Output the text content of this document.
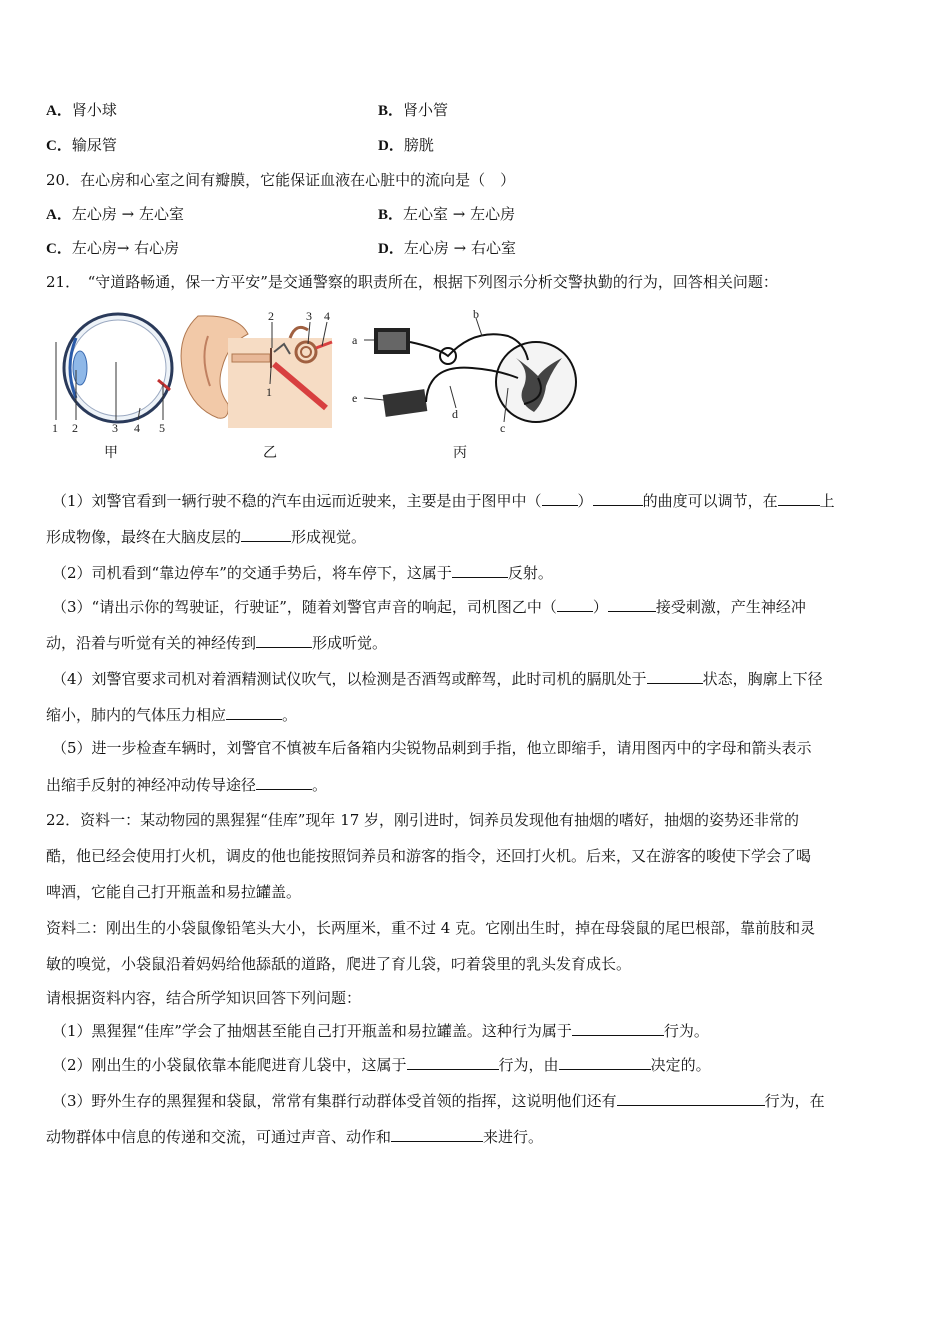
A．肾小球	B．肾小管
C．输尿管	D．膀胱
20．在心房和心室之间有瓣膜，它能保证血液在心脏中的流向是（　）
A．左心房 → 左心室	B．左心室 → 左心房
C．左心房→ 右心房	D．左心房 → 右心室
21．　“守道路畅通，保一方平安”是交通警察的职责所在，根据下列图示分析交警执勤的行为，回答相关问题：
1 2	3 4 5
2	3 4
1
a
b
c
d
e
甲	乙	丙
（1）刘警官看到一辆行驶不稳的汽车由远而近驶来，主要是由于图甲中（ ）	的曲度可以调节，在	上
形成物像，最终在大脑皮层的	形成视觉。
（2）司机看到“靠边停车”的交通手势后，将车停下，这属于	反射。
（3）“请出示你的驾驶证，行驶证”，随着刘警官声音的响起，司机图乙中（ ）	接受刺激，产生神经冲
动，沿着与听觉有关的神经传到	形成听觉。
（4）刘警官要求司机对着酒精测试仪吹气，以检测是否酒驾或醉驾，此时司机的膈肌处于	状态，胸廓上下径
缩小，肺内的气体压力相应	。
（5）进一步检查车辆时，刘警官不慎被车后备箱内尖锐物品刺到手指，他立即缩手，请用图丙中的字母和箭头表示
出缩手反射的神经冲动传导途径	。
22．资料一：某动物园的黑猩猩“佳库”现年 17 岁，刚引进时，饲养员发现他有抽烟的嗜好，抽烟的姿势还非常的
酷，他已经会使用打火机，调皮的他也能按照饲养员和游客的指令，还回打火机。后来，又在游客的唆使下学会了喝
啤酒，它能自己打开瓶盖和易拉罐盖。
资料二：刚出生的小袋鼠像铅笔头大小，长两厘米，重不过 4 克。它刚出生时，掉在母袋鼠的尾巴根部，靠前肢和灵
敏的嗅觉，小袋鼠沿着妈妈给他舔舐的道路，爬进了育儿袋，叼着袋里的乳头发育成长。
请根据资料内容，结合所学知识回答下列问题：
（1）黑猩猩“佳库”学会了抽烟甚至能自己打开瓶盖和易拉罐盖。这种行为属于	行为。
（2）刚出生的小袋鼠依靠本能爬进育儿袋中，这属于	行为，由	决定的。
（3）野外生存的黑猩猩和袋鼠，常常有集群行动群体受首领的指挥，这说明他们还有	行为，在
动物群体中信息的传递和交流，可通过声音、动作和	来进行。
